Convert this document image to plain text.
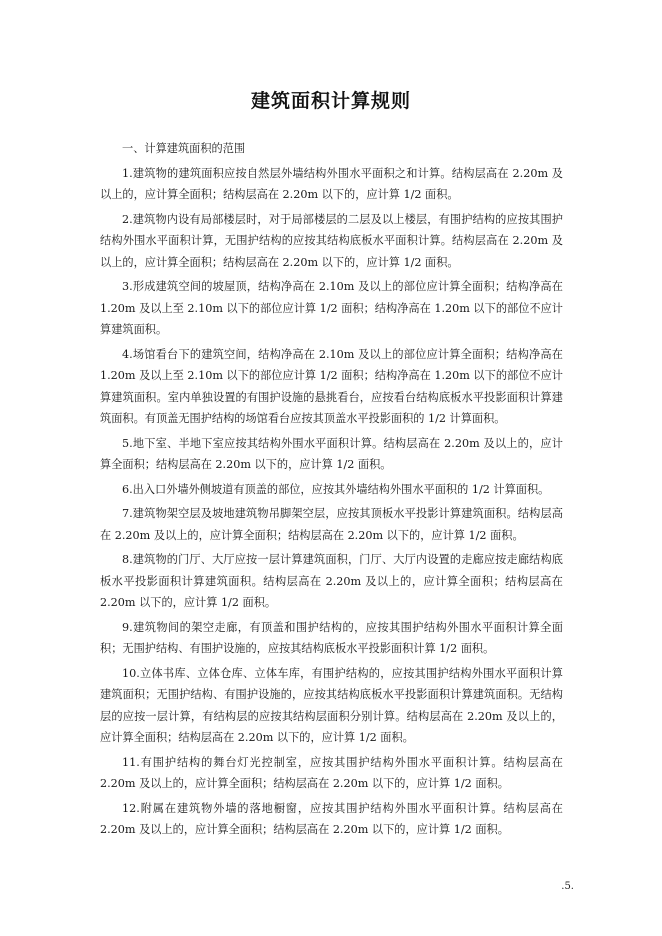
建筑面积计算规则

一、计算建筑面积的范围

1.建筑物的建筑面积应按自然层外墙结构外围水平面积之和计算。结构层高在 2.20m 及以上的，应计算全面积；结构层高在 2.20m 以下的，应计算 1/2 面积。

2.建筑物内设有局部楼层时，对于局部楼层的二层及以上楼层，有围护结构的应按其围护结构外围水平面积计算，无围护结构的应按其结构底板水平面积计算。结构层高在 2.20m 及以上的，应计算全面积；结构层高在 2.20m 以下的，应计算 1/2 面积。

3.形成建筑空间的坡屋顶，结构净高在 2.10m 及以上的部位应计算全面积；结构净高在 1.20m 及以上至 2.10m 以下的部位应计算 1/2 面积；结构净高在 1.20m 以下的部位不应计算建筑面积。

4.场馆看台下的建筑空间，结构净高在 2.10m 及以上的部位应计算全面积；结构净高在 1.20m 及以上至 2.10m 以下的部位应计算 1/2 面积；结构净高在 1.20m 以下的部位不应计算建筑面积。室内单独设置的有围护设施的悬挑看台，应按看台结构底板水平投影面积计算建筑面积。有顶盖无围护结构的场馆看台应按其顶盖水平投影面积的 1/2 计算面积。

5.地下室、半地下室应按其结构外围水平面积计算。结构层高在 2.20m 及以上的，应计算全面积；结构层高在 2.20m 以下的，应计算 1/2 面积。

6.出入口外墙外侧坡道有顶盖的部位，应按其外墙结构外围水平面积的 1/2 计算面积。

7.建筑物架空层及坡地建筑物吊脚架空层，应按其顶板水平投影计算建筑面积。结构层高在 2.20m 及以上的，应计算全面积；结构层高在 2.20m 以下的，应计算 1/2 面积。

8.建筑物的门厅、大厅应按一层计算建筑面积，门厅、大厅内设置的走廊应按走廊结构底板水平投影面积计算建筑面积。结构层高在 2.20m 及以上的，应计算全面积；结构层高在 2.20m 以下的，应计算 1/2 面积。

9.建筑物间的架空走廊，有顶盖和围护结构的，应按其围护结构外围水平面积计算全面积；无围护结构、有围护设施的，应按其结构底板水平投影面积计算 1/2 面积。

10.立体书库、立体仓库、立体车库，有围护结构的，应按其围护结构外围水平面积计算建筑面积；无围护结构、有围护设施的，应按其结构底板水平投影面积计算建筑面积。无结构层的应按一层计算，有结构层的应按其结构层面积分别计算。结构层高在 2.20m 及以上的，应计算全面积；结构层高在 2.20m 以下的，应计算 1/2 面积。

11.有围护结构的舞台灯光控制室，应按其围护结构外围水平面积计算。结构层高在 2.20m 及以上的，应计算全面积；结构层高在 2.20m 以下的，应计算 1/2 面积。

12.附属在建筑物外墙的落地橱窗，应按其围护结构外围水平面积计算。结构层高在 2.20m 及以上的，应计算全面积；结构层高在 2.20m 以下的，应计算 1/2 面积。

.5.
